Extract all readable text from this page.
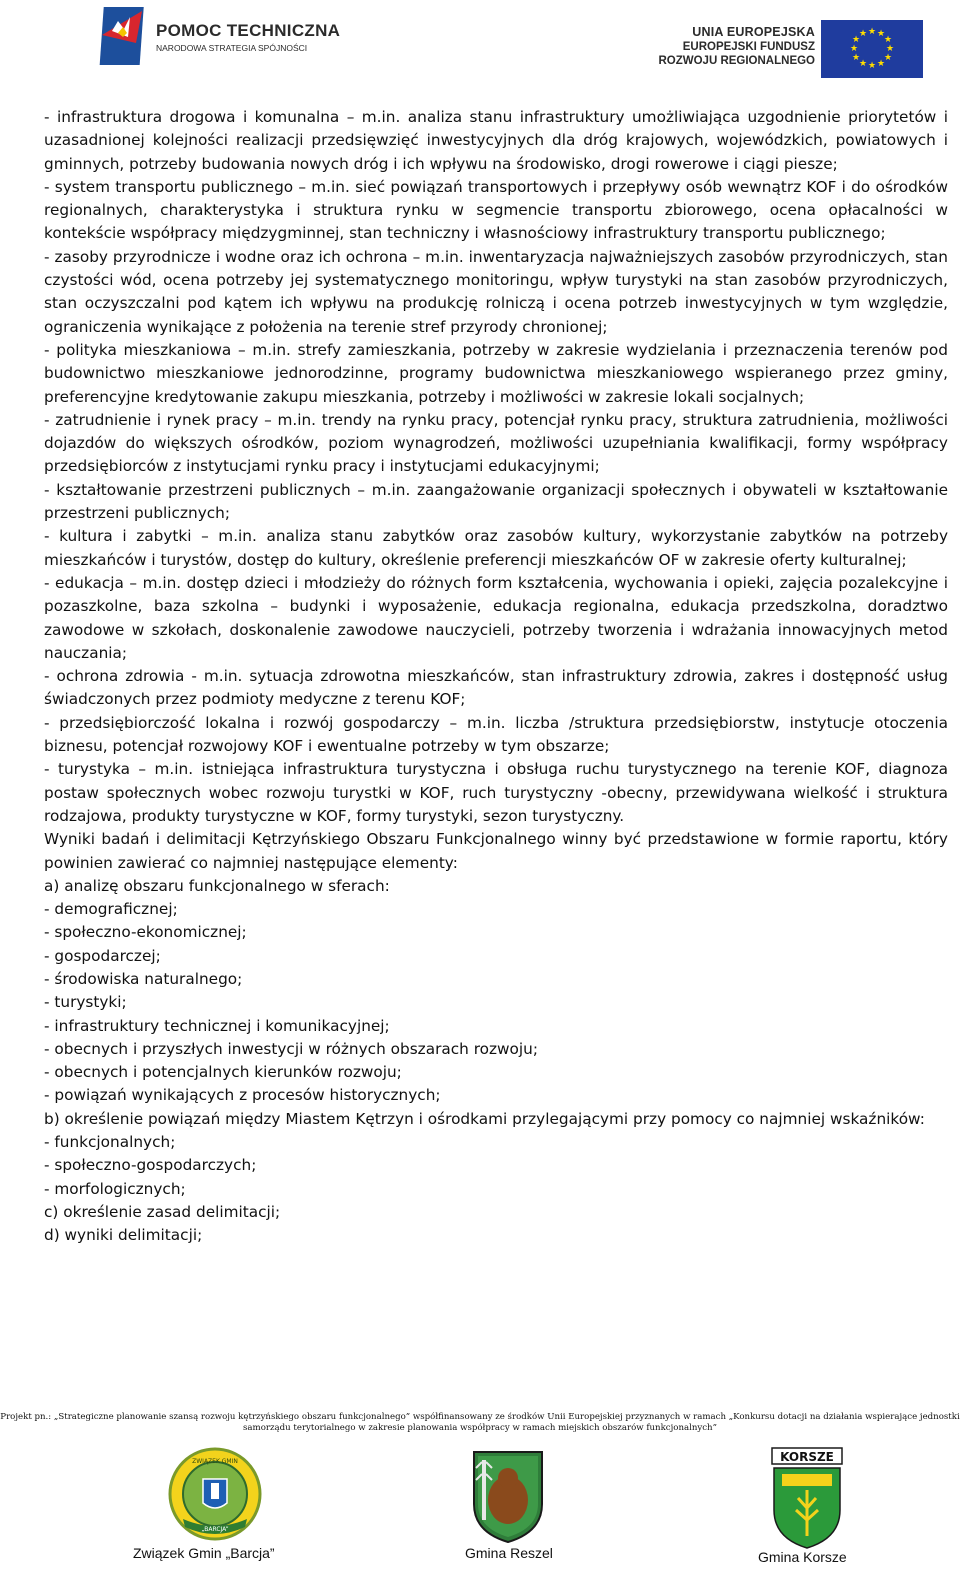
POMOC TECHNICZNA
NARODOWA STRATEGIA SPÓJNOŚCI
UNIA EUROPEJSKA
EUROPEJSKI FUNDUSZ
ROZWOJU REGIONALNEGO
★ ★
★
★
★
★
★
★
★
★
★
★

- infrastruktura drogowa i komunalna – m.in. analiza stanu infrastruktury umożliwiająca uzgodnienie priorytetów i uzasadnionej kolejności realizacji przedsięwzięć inwestycyjnych dla dróg krajowych, wojewódzkich, powiatowych i gminnych, potrzeby budowania nowych dróg i ich wpływu na środowisko, drogi rowerowe i ciągi piesze;

- system transportu publicznego – m.in. sieć powiązań transportowych i przepływy osób wewnątrz KOF i do ośrodków regionalnych, charakterystyka i struktura rynku w segmencie transportu zbiorowego, ocena opłacalności w kontekście współpracy międzygminnej, stan techniczny i własnościowy infrastruktury transportu publicznego;

- zasoby przyrodnicze i wodne oraz ich ochrona – m.in. inwentaryzacja najważniejszych zasobów przyrodniczych, stan czystości wód, ocena potrzeby jej systematycznego monitoringu, wpływ turystyki na stan zasobów przyrodniczych, stan oczyszczalni pod kątem ich wpływu na produkcję rolniczą i ocena potrzeb inwestycyjnych w tym względzie, ograniczenia wynikające z położenia na terenie stref przyrody chronionej;

- polityka mieszkaniowa – m.in. strefy zamieszkania, potrzeby w zakresie wydzielania i przeznaczenia terenów pod budownictwo mieszkaniowe jednorodzinne, programy budownictwa mieszkaniowego wspieranego przez gminy, preferencyjne kredytowanie zakupu mieszkania, potrzeby i możliwości w zakresie lokali socjalnych;

- zatrudnienie i rynek pracy – m.in. trendy na rynku pracy, potencjał rynku pracy, struktura zatrudnienia, możliwości dojazdów do większych ośrodków, poziom wynagrodzeń, możliwości uzupełniania kwalifikacji, formy współpracy przedsiębiorców z instytucjami rynku pracy i instytucjami edukacyjnymi;

- kształtowanie przestrzeni publicznych – m.in. zaangażowanie organizacji społecznych i obywateli w kształtowanie przestrzeni publicznych;

- kultura i zabytki – m.in. analiza stanu zabytków oraz zasobów kultury, wykorzystanie zabytków na potrzeby mieszkańców i turystów, dostęp do kultury, określenie preferencji mieszkańców OF w zakresie oferty kulturalnej;

- edukacja – m.in. dostęp dzieci i młodzieży do różnych form kształcenia, wychowania i opieki, zajęcia pozalekcyjne i pozaszkolne, baza szkolna – budynki i wyposażenie, edukacja regionalna, edukacja przedszkolna, doradztwo zawodowe w szkołach, doskonalenie zawodowe nauczycieli, potrzeby tworzenia i wdrażania innowacyjnych metod nauczania;

- ochrona zdrowia - m.in. sytuacja zdrowotna mieszkańców, stan infrastruktury zdrowia, zakres i dostępność usług świadczonych przez podmioty medyczne z terenu KOF;

- przedsiębiorczość lokalna i rozwój gospodarczy – m.in. liczba /struktura przedsiębiorstw, instytucje otoczenia biznesu, potencjał rozwojowy KOF i ewentualne potrzeby w tym obszarze;

- turystyka – m.in. istniejąca infrastruktura turystyczna i obsługa ruchu turystycznego na terenie KOF, diagnoza postaw społecznych wobec rozwoju turystki w KOF, ruch turystyczny -obecny, przewidywana wielkość i struktura rodzajowa, produkty turystyczne w KOF, formy turystyki, sezon turystyczny.

Wyniki badań i delimitacji Kętrzyńskiego Obszaru Funkcjonalnego winny być przedstawione w formie raportu, który powinien zawierać co najmniej następujące elementy:

a) analizę obszaru funkcjonalnego w sferach:

- demograficznej;

- społeczno-ekonomicznej;

- gospodarczej;

- środowiska naturalnego;

- turystyki;

- infrastruktury technicznej i komunikacyjnej;

- obecnych i przyszłych inwestycji w różnych obszarach rozwoju;

- obecnych i potencjalnych kierunków rozwoju;

- powiązań wynikających z procesów historycznych;

b) określenie powiązań między Miastem Kętrzyn i ośrodkami przylegającymi przy pomocy co najmniej wskaźników:

- funkcjonalnych;

- społeczno-gospodarczych;

- morfologicznych;

c) określenie zasad delimitacji;

d) wyniki delimitacji;

Projekt pn.: „Strategiczne planowanie szansą rozwoju kętrzyńskiego obszaru funkcjonalnego” współfinansowany ze środków Unii Europejskiej przyznanych w ramach „Konkursu dotacji na działania wspierające jednostki samorządu terytorialnego w zakresie planowania współpracy w ramach miejskich obszarów funkcjonalnych”
ZWIĄZEK GMIN
„BARCJA”
Związek Gmin „Barcja”	Gmina Reszel
KORSZE
Gmina Korsze
